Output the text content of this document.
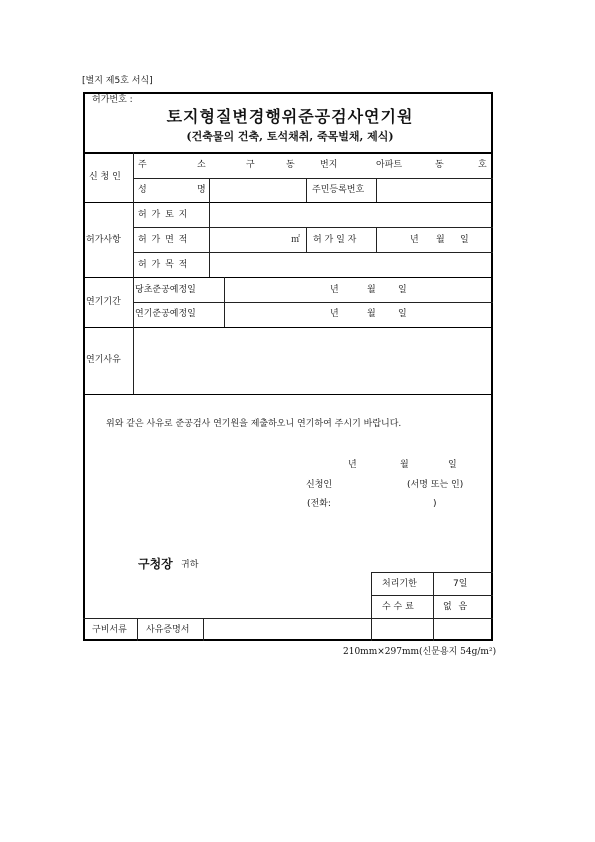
[별지 제5호 서식]
허가번호 :
토지형질변경행위준공검사연기원
(건축물의 건축, 토석채취, 죽목벌채, 제식)
신 청 인
주	소	구	동	번지	아파트	동	호
성	명	주민등록번호
허가사항
허 가 토 지
허 가 면 적	㎡ 허 가 일 자	년 월 일
허 가 목 적
연기기간
당초준공예정일	년	월 일
연기준공예정일	년	월 일
연기사유
위와 같은 사유로 준공검사 연기원을 제출하오니 연기하여 주시기 바랍니다.
년	월	일
신청인	(서명 또는 인)
(전화:	)
구청장 귀하
처리기한	7일
수 수 료	없 음
구비서류 사유증명서
210mm×297mm(신문용지 54g/m²)
